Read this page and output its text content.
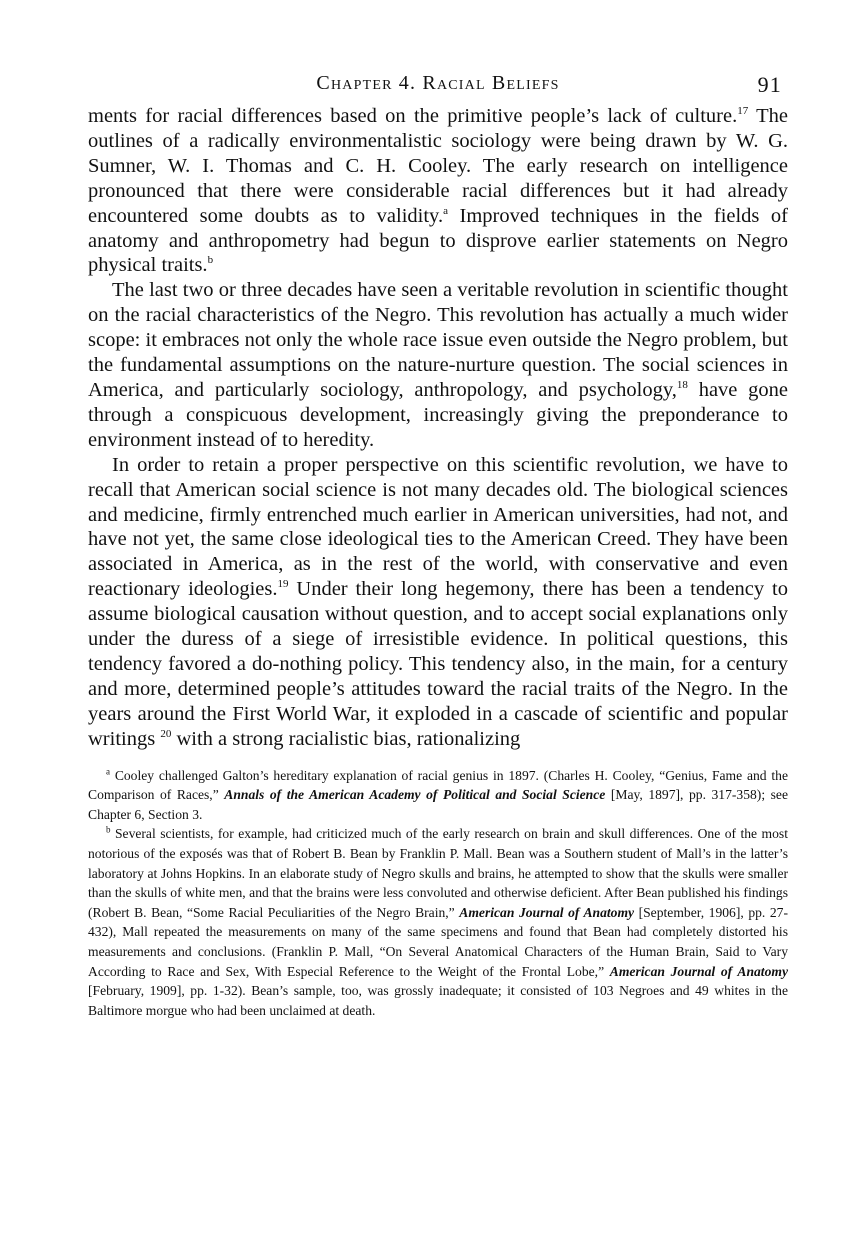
Chapter 4. Racial Beliefs	91

ments for racial differences based on the primitive people’s lack of culture.$^{17}$ The outlines of a radically environmentalistic sociology were being drawn by W. G. Sumner, W. I. Thomas and C. H. Cooley. The early research on intelligence pronounced that there were considerable racial differences but it had already encountered some doubts as to validity.$^a$ Improved techniques in the fields of anatomy and anthropometry had begun to disprove earlier statements on Negro physical traits.$^b$

The last two or three decades have seen a veritable revolution in scientific thought on the racial characteristics of the Negro. This revolution has actually a much wider scope: it embraces not only the whole race issue even outside the Negro problem, but the fundamental assumptions on the nature-nurture question. The social sciences in America, and particularly sociology, anthropology, and psychology,$^{18}$ have gone through a conspicuous development, increasingly giving the preponderance to environment instead of to heredity.

In order to retain a proper perspective on this scientific revolution, we have to recall that American social science is not many decades old. The biological sciences and medicine, firmly entrenched much earlier in American universities, had not, and have not yet, the same close ideological ties to the American Creed. They have been associated in America, as in the rest of the world, with conservative and even reactionary ideologies.$^{19}$ Under their long hegemony, there has been a tendency to assume biological causation without question, and to accept social explanations only under the duress of a siege of irresistible evidence. In political questions, this tendency favored a do-nothing policy. This tendency also, in the main, for a century and more, determined people’s attitudes toward the racial traits of the Negro. In the years around the First World War, it exploded in a cascade of scientific and popular writings $^{20}$ with a strong racialistic bias, rationalizing

$^a$ Cooley challenged Galton’s hereditary explanation of racial genius in 1897. (Charles H. Cooley, “Genius, Fame and the Comparison of Races,” Annals of the American Academy of Political and Social Science [May, 1897], pp. 317-358); see Chapter 6, Section 3.

$^b$ Several scientists, for example, had criticized much of the early research on brain and skull differences. One of the most notorious of the exposés was that of Robert B. Bean by Franklin P. Mall. Bean was a Southern student of Mall’s in the latter’s laboratory at Johns Hopkins. In an elaborate study of Negro skulls and brains, he attempted to show that the skulls were smaller than the skulls of white men, and that the brains were less convoluted and otherwise deficient. After Bean published his findings (Robert B. Bean, “Some Racial Peculiarities of the Negro Brain,” American Journal of Anatomy [September, 1906], pp. 27-432), Mall repeated the measurements on many of the same specimens and found that Bean had completely distorted his measurements and conclusions. (Franklin P. Mall, “On Several Anatomical Characters of the Human Brain, Said to Vary According to Race and Sex, With Especial Reference to the Weight of the Frontal Lobe,” American Journal of Anatomy [February, 1909], pp. 1-32). Bean’s sample, too, was grossly inadequate; it consisted of 103 Negroes and 49 whites in the Baltimore morgue who had been unclaimed at death.
